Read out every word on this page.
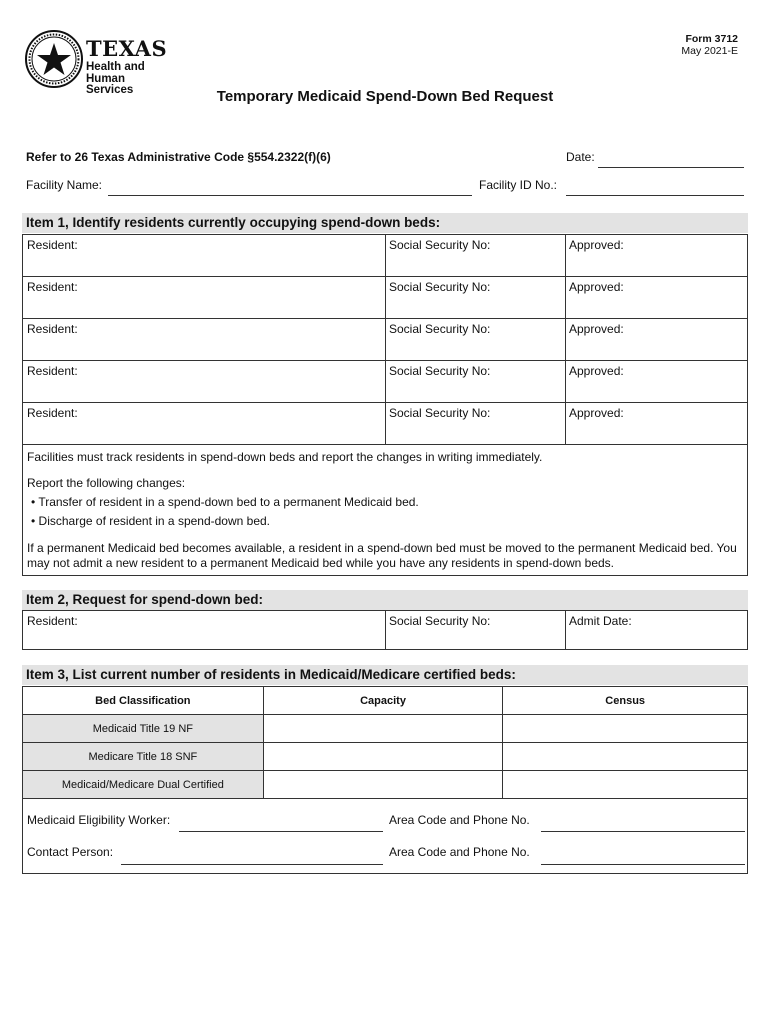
TEXAS
Health and Human
Services
Form 3712
May 2021-E
Temporary Medicaid Spend-Down Bed Request
Refer to 26 Texas Administrative Code §554.2322(f)(6)	Date:
Facility Name:	Facility ID No.:
Item 1, Identify residents currently occupying spend-down beds:
Resident:	Social Security No:	Approved:
Resident:	Social Security No:	Approved:
Resident:	Social Security No:	Approved:
Resident:	Social Security No:	Approved:
Resident:	Social Security No:	Approved:
Facilities must track residents in spend-down beds and report the changes in writing immediately.
Report the following changes:
• Transfer of resident in a spend-down bed to a permanent Medicaid bed.
• Discharge of resident in a spend-down bed.
If a permanent Medicaid bed becomes available, a resident in a spend-down bed must be moved to the permanent Medicaid bed. You may not admit a new resident to a permanent Medicaid bed while you have any residents in spend-down beds.
Item 2, Request for spend-down bed:
Resident:	Social Security No:	Admit Date:
Item 3, List current number of residents in Medicaid/Medicare certified beds:
Bed Classification	Capacity	Census
Medicaid Title 19 NF		
Medicare Title 18 SNF		
Medicaid/Medicare Dual Certified		
Medicaid Eligibility Worker:	Area Code and Phone No.
Contact Person:	Area Code and Phone No.
